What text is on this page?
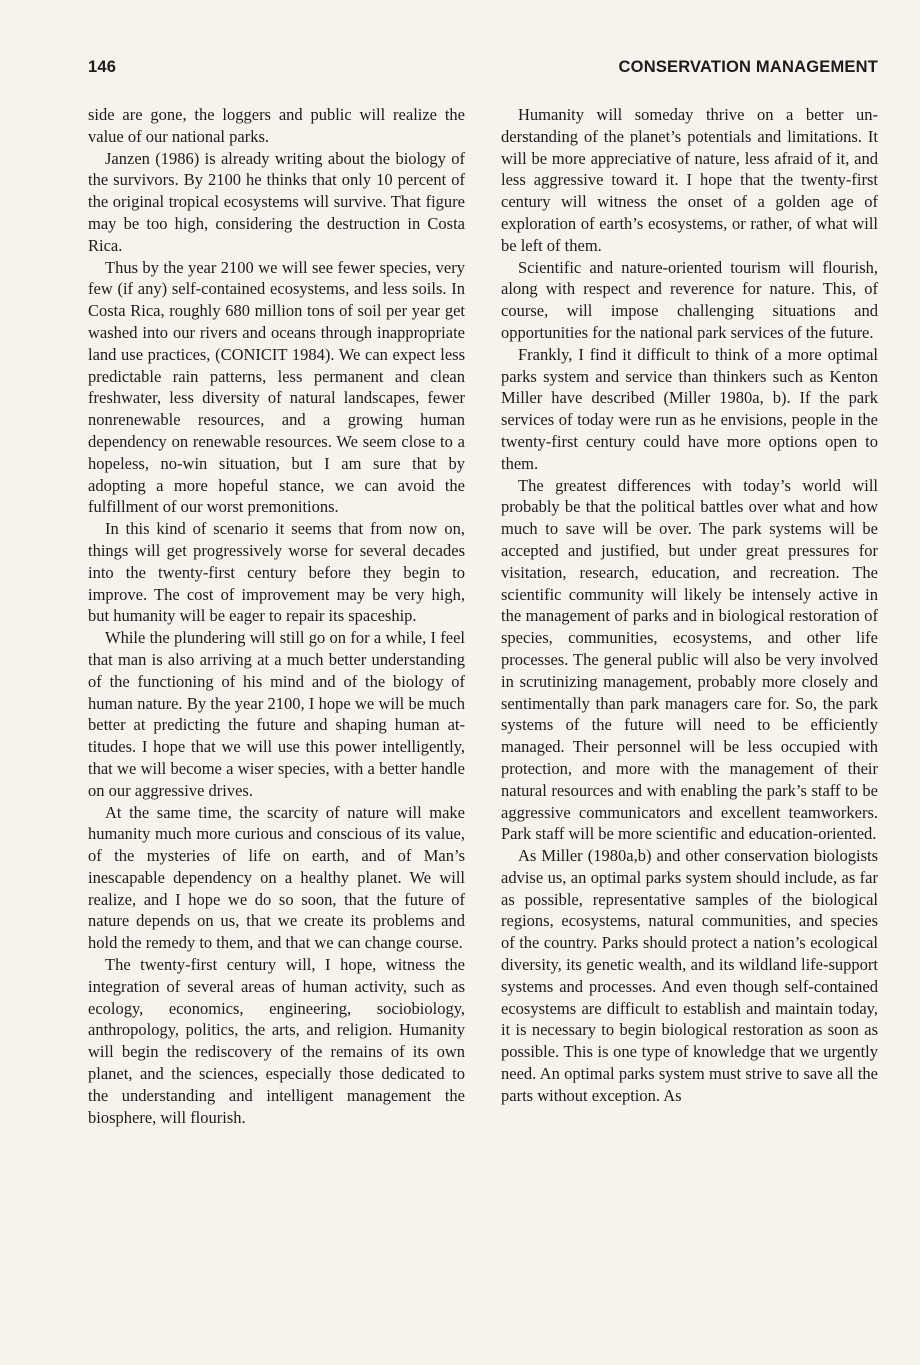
146	CONSERVATION MANAGEMENT

side are gone, the loggers and public will realize the value of our national parks.

Janzen (1986) is already writing about the biology of the survivors. By 2100 he thinks that only 10 percent of the original tropical ecosystems will survive. That figure may be too high, considering the destruction in Costa Rica.

Thus by the year 2100 we will see fewer species, very few (if any) self-contained ecosystems, and less soils. In Costa Rica, roughly 680 million tons of soil per year get washed into our rivers and oceans through inappropriate land use practices, (CONICIT 1984). We can expect less predictable rain patterns, less permanent and clean freshwater, less diversity of natural landscapes, fewer nonrenewable resources, and a growing human dependency on renewable resources. We seem close to a hopeless, no-win situation, but I am sure that by adopting a more hopeful stance, we can avoid the fulfillment of our worst premonitions.

In this kind of scenario it seems that from now on, things will get progressively worse for several decades into the twenty-first century before they begin to improve. The cost of improvement may be very high, but humanity will be eager to repair its spaceship.

While the plundering will still go on for a while, I feel that man is also arriving at a much better understanding of the functioning of his mind and of the biology of human nature. By the year 2100, I hope we will be much better at predicting the future and shaping human attitudes. I hope that we will use this power intelligently, that we will become a wiser species, with a better handle on our aggressive drives.

At the same time, the scarcity of nature will make humanity much more curious and conscious of its value, of the mysteries of life on earth, and of Man’s inescapable dependency on a healthy planet. We will realize, and I hope we do so soon, that the future of nature depends on us, that we create its problems and hold the remedy to them, and that we can change course.

The twenty-first century will, I hope, witness the integration of several areas of human activity, such as ecology, economics, engineering, sociobiology, anthropology, politics, the arts, and religion. Humanity will begin the rediscovery of the remains of its own planet, and the sciences, especially those dedicated to the understanding and intelligent management the biosphere, will flourish.

Humanity will someday thrive on a better understanding of the planet’s potentials and limitations. It will be more appreciative of nature, less afraid of it, and less aggressive toward it. I hope that the twenty-first century will witness the onset of a golden age of exploration of earth’s ecosystems, or rather, of what will be left of them.

Scientific and nature-oriented tourism will flourish, along with respect and reverence for nature. This, of course, will impose challenging situations and opportunities for the national park services of the future.

Frankly, I find it difficult to think of a more optimal parks system and service than thinkers such as Kenton Miller have described (Miller 1980a, b). If the park services of today were run as he envisions, people in the twenty-first century could have more options open to them.

The greatest differences with today’s world will probably be that the political battles over what and how much to save will be over. The park systems will be accepted and justified, but under great pressures for visitation, research, education, and recreation. The scientific community will likely be intensely active in the management of parks and in biological restoration of species, communities, ecosystems, and other life processes. The general public will also be very involved in scrutinizing management, probably more closely and sentimentally than park managers care for. So, the park systems of the future will need to be efficiently managed. Their personnel will be less occupied with protection, and more with the management of their natural resources and with enabling the park’s staff to be aggressive communicators and excellent teamworkers. Park staff will be more scientific and education-oriented.

As Miller (1980a,b) and other conservation biologists advise us, an optimal parks system should include, as far as possible, representative samples of the biological regions, ecosystems, natural communities, and species of the country. Parks should protect a nation’s ecological diversity, its genetic wealth, and its wildland life-support systems and processes. And even though self-contained ecosystems are difficult to establish and maintain today, it is necessary to begin biological restoration as soon as possible. This is one type of knowledge that we urgently need. An optimal parks system must strive to save all the parts without exception. As
